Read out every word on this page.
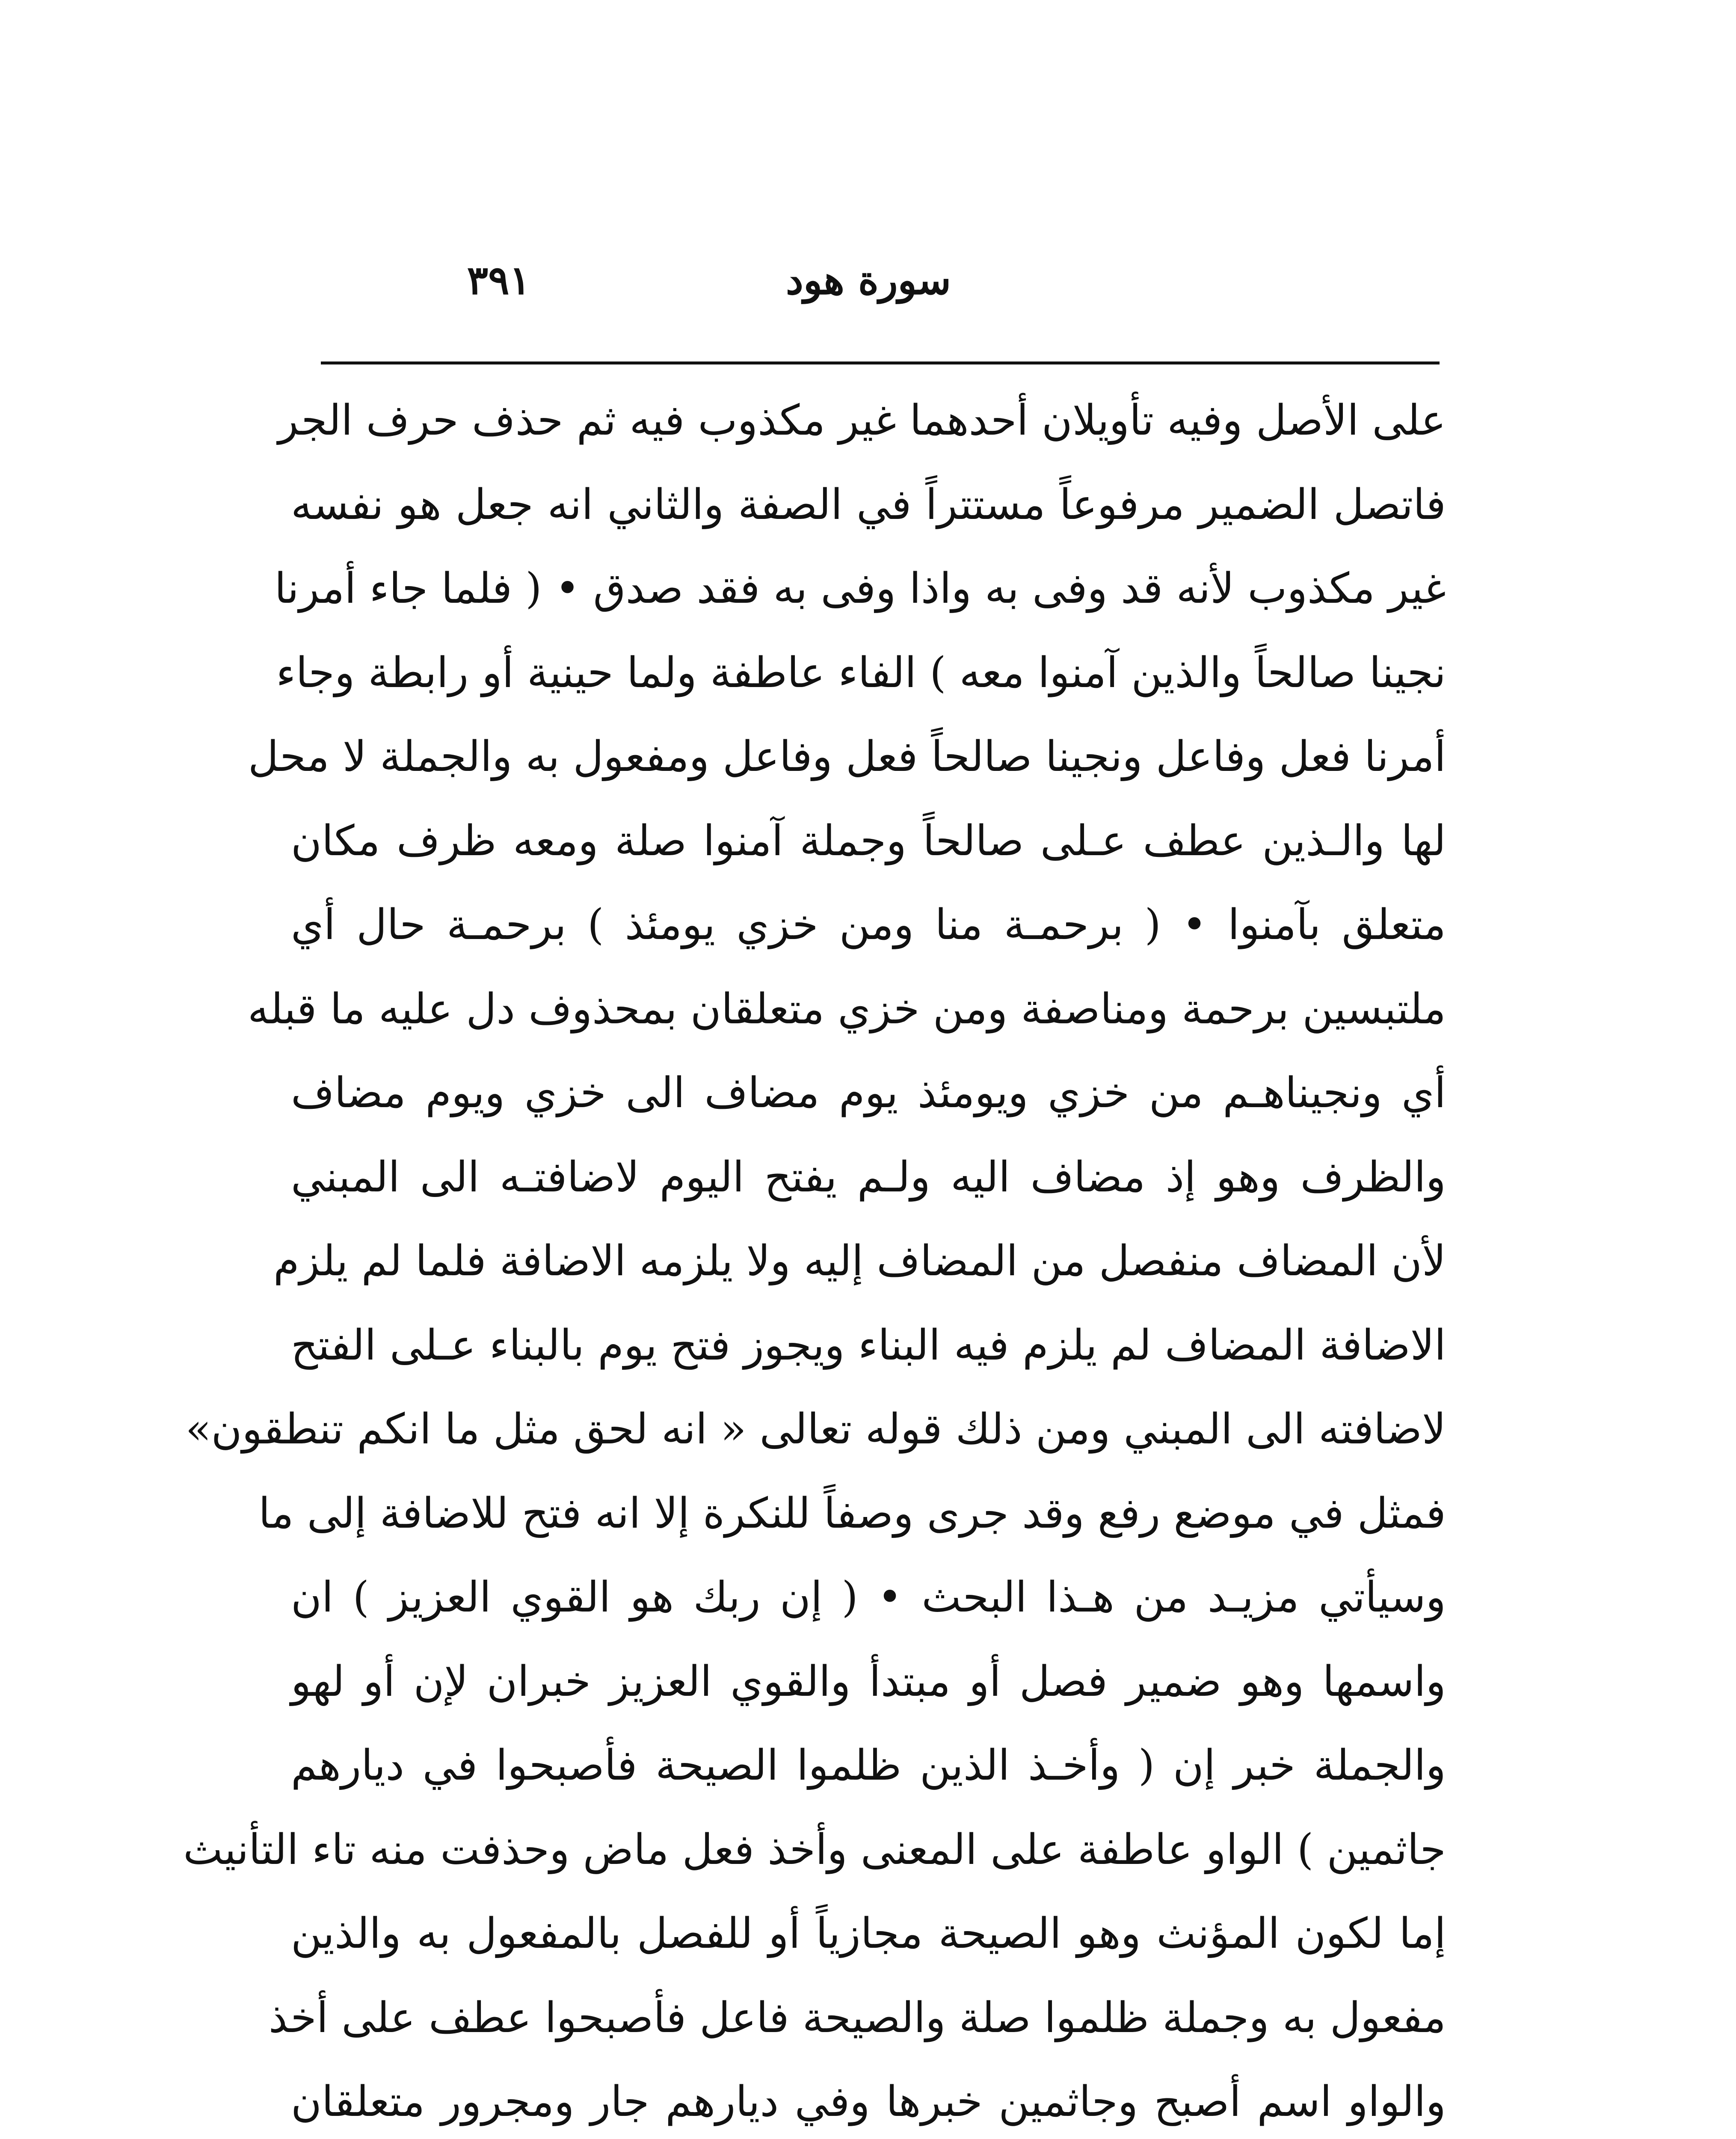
سورة هود
٣٩١
على الأصل وفيه تأويلان أحدهما غير مكذوب فيه ثم حذف حرف الجر
فاتصل الضمير مرفوعاً مستتراً في الصفة والثاني انه جعل هو نفسه
غير مكذوب لأنه قد وفى به واذا وفى به فقد صدق • ( فلما جاء أمرنا
نجينا صالحاً والذين آمنوا معه ) الفاء عاطفة ولما حينية أو رابطة وجاء
أمرنا فعل وفاعل ونجينا صالحاً فعل وفاعل ومفعول به والجملة لا محل
لها والـذين عطف عـلى صالحاً وجملة آمنوا صلة ومعه ظرف مكان
متعلق بآمنوا • ( برحمـة منا ومن خزي يومئذ ) برحمـة حال أي
ملتبسين برحمة ومناصفة ومن خزي متعلقان بمحذوف دل عليه ما قبله
أي ونجيناهـم من خزي ويومئذ يوم مضاف الى خزي ويوم مضاف
والظرف وهو إذ مضاف اليه ولـم يفتح اليوم لاضافتـه الى المبني
لأن المضاف منفصل من المضاف إليه ولا يلزمه الاضافة فلما لم يلزم
الاضافة المضاف لم يلزم فيه البناء ويجوز فتح يوم بالبناء عـلى الفتح
لاضافته الى المبني ومن ذلك قوله تعالى « انه لحق مثل ما انكم تنطقون»
فمثل في موضع رفع وقد جرى وصفاً للنكرة إلا انه فتح للاضافة إلى ما
وسيأتي مزيـد من هـذا البحث • ( إن ربك هو القوي العزيز ) ان
واسمها وهو ضمير فصل أو مبتدأ والقوي العزيز خبران لإن أو لهو
والجملة خبر إن ( وأخـذ الذين ظلموا الصيحة فأصبحوا في ديارهم
جاثمين ) الواو عاطفة على المعنى وأخذ فعل ماض وحذفت منه تاء التأنيث
إما لكون المؤنث وهو الصيحة مجازياً أو للفصل بالمفعول به والذين
مفعول به وجملة ظلموا صلة والصيحة فاعل فأصبحوا عطف على أخذ
والواو اسم أصبح وجاثمين خبرها وفي ديارهم جار ومجرور متعلقان
